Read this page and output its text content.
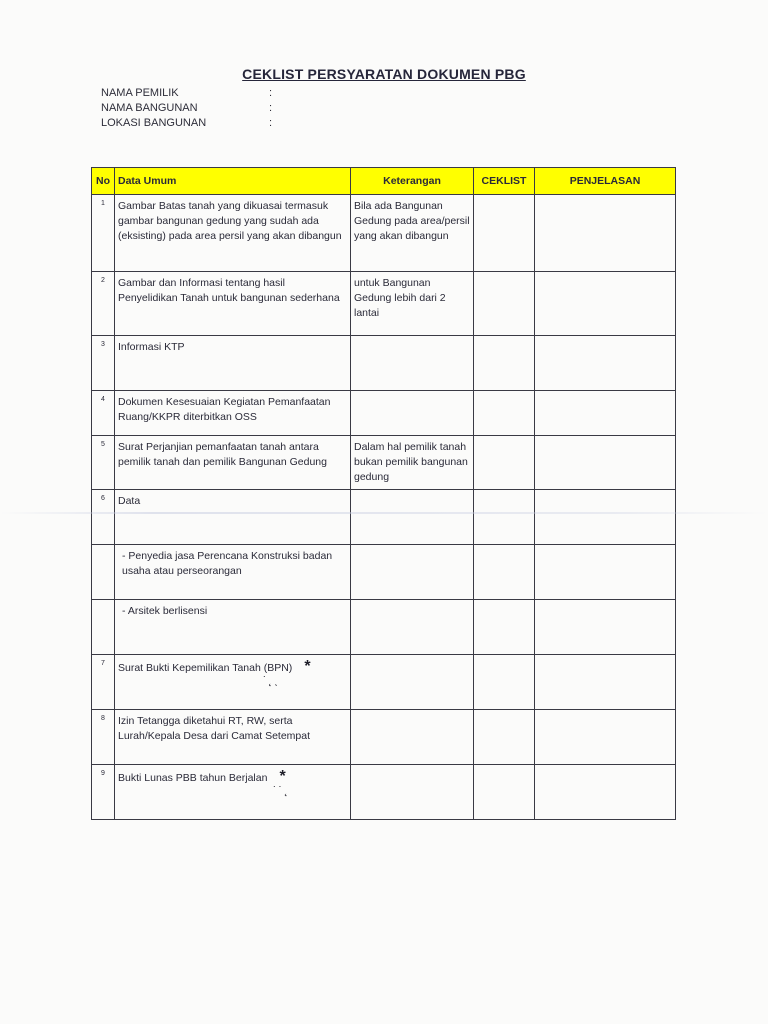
CEKLIST PERSYARATAN DOKUMEN PBG
NAMA PEMILIK	:
NAMA BANGUNAN	:
LOKASI BANGUNAN	:
No	Data Umum	Keterangan	CEKLIST	PENJELASAN
1	Gambar Batas tanah yang dikuasai termasuk gambar bangunan gedung yang sudah ada (eksisting) pada area persil yang akan dibangun	Bila ada Bangunan Gedung pada area/persil yang akan dibangun		
2	Gambar dan Informasi tentang hasil Penyelidikan Tanah untuk bangunan sederhana	untuk Bangunan Gedung lebih dari 2 lantai		
3	Informasi KTP			
4	Dokumen Kesesuaian Kegiatan Pemanfaatan Ruang/KKPR diterbitkan OSS			
5	Surat Perjanjian pemanfaatan tanah antara pemilik tanah dan pemilik Bangunan Gedung	Dalam hal pemilik tanah bukan pemilik bangunan gedung		
6	Data			

	- Penyedia jasa Perencana Konstruksi badan usaha atau perseorangan			

	- Arsitek berlisensi			

7	Surat Bukti Kepemilikan Tanah (BPN) *
˙˛ˎ			

8	Izin Tetangga diketahui RT, RW, serta Lurah/Kepala Desa dari Camat Setempat			
9	Bukti Lunas PBB tahun Berjalan *
˙˙˛			
